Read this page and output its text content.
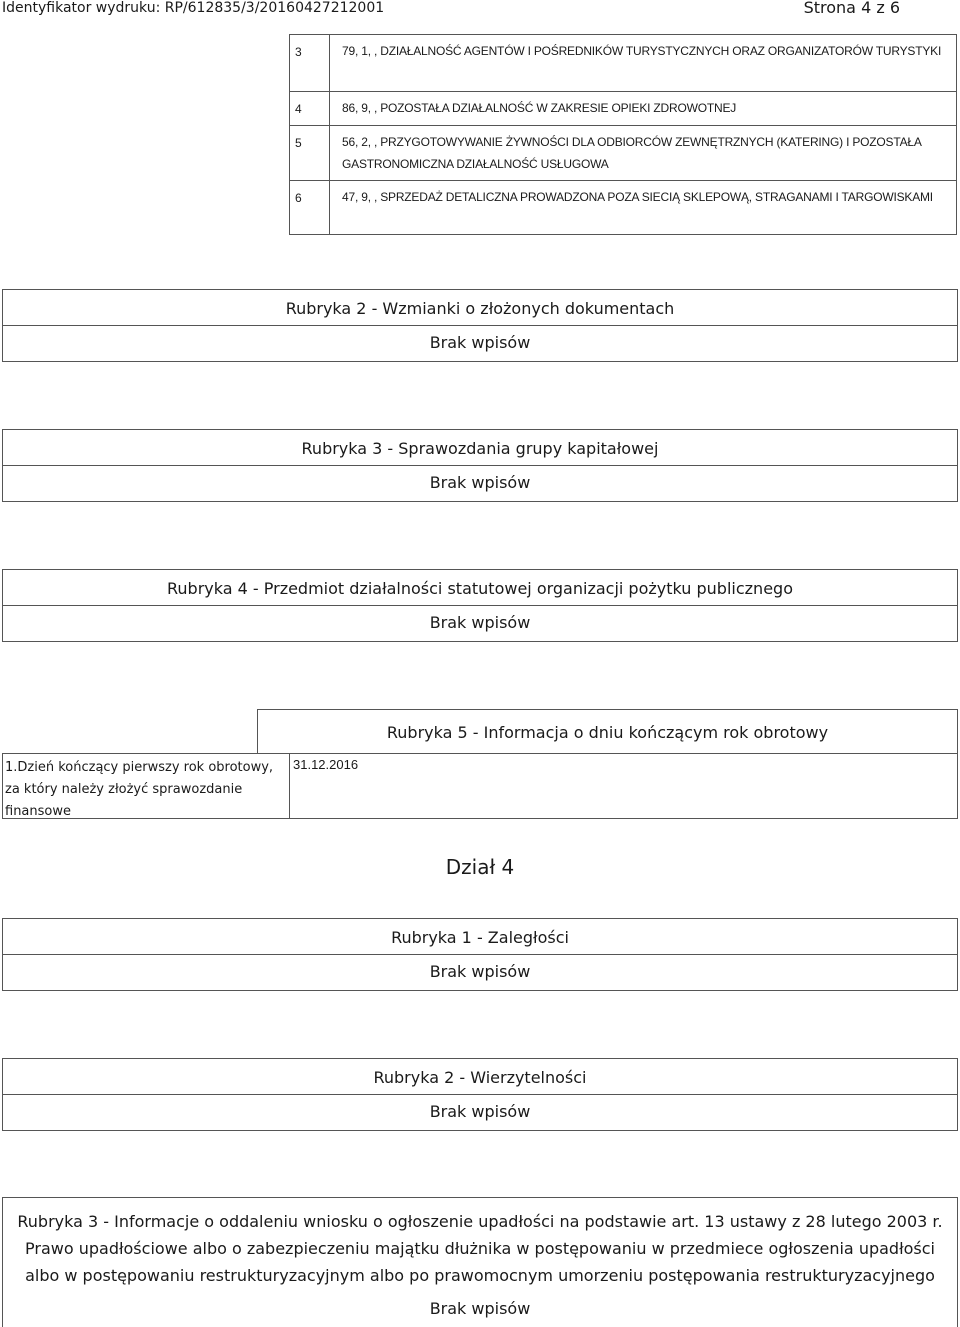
Identyfikator wydruku: RP/612835/3/20160427212001	Strona 4 z 6
3	79, 1, , DZIAŁALNOŚĆ AGENTÓW I POŚREDNIKÓW TURYSTYCZNYCH ORAZ ORGANIZATORÓW TURYSTYKI
4	86, 9, , POZOSTAŁA DZIAŁALNOŚĆ W ZAKRESIE OPIEKI ZDROWOTNEJ
5	56, 2, , PRZYGOTOWYWANIE ŻYWNOŚCI DLA ODBIORCÓW ZEWNĘTRZNYCH (KATERING) I POZOSTAŁA GASTRONOMICZNA DZIAŁALNOŚĆ USŁUGOWA
6	47, 9, , SPRZEDAŻ DETALICZNA PROWADZONA POZA SIECIĄ SKLEPOWĄ, STRAGANAMI I TARGOWISKAMI
Rubryka 2 - Wzmianki o złożonych dokumentach
Brak wpisów
Rubryka 3 - Sprawozdania grupy kapitałowej
Brak wpisów
Rubryka 4 - Przedmiot działalności statutowej organizacji pożytku publicznego
Brak wpisów
Rubryka 5 - Informacja o dniu kończącym rok obrotowy
1.Dzień kończący pierwszy rok obrotowy, za który należy złożyć sprawozdanie finansowe
31.12.2016
Dział 4
Rubryka 1 - Zaległości
Brak wpisów
Rubryka 2 - Wierzytelności
Brak wpisów
Rubryka 3 - Informacje o oddaleniu wniosku o ogłoszenie upadłości na podstawie art. 13 ustawy z 28 lutego 2003 r. Prawo upadłościowe albo o zabezpieczeniu majątku dłużnika w postępowaniu w przedmiece ogłoszenia upadłości albo w postępowaniu restrukturyzacyjnym albo po prawomocnym umorzeniu postępowania restrukturyzacyjnego
Brak wpisów
